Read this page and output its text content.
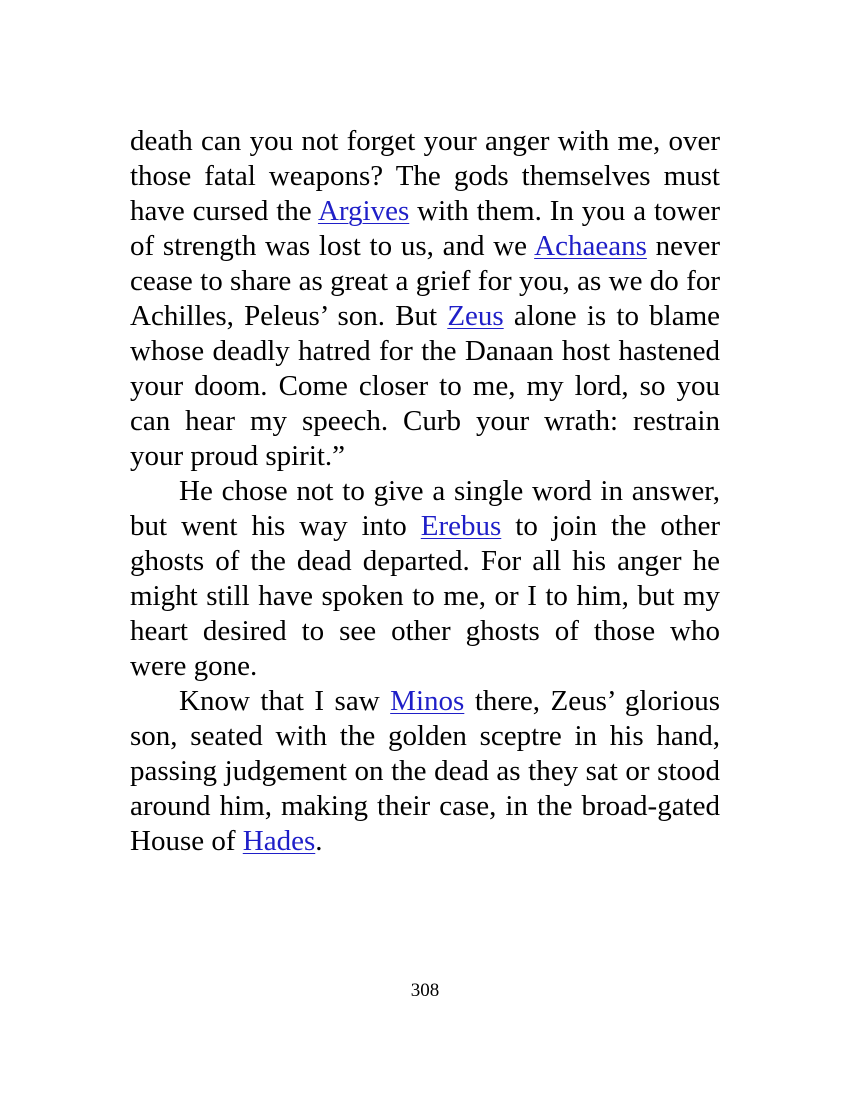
death can you not forget your anger with me, over those fatal weapons? The gods themselves must have cursed the Argives with them. In you a tower of strength was lost to us, and we Achaeans never cease to share as great a grief for you, as we do for Achilles, Peleus’ son. But Zeus alone is to blame whose deadly hatred for the Danaan host hastened your doom. Come closer to me, my lord, so you can hear my speech. Curb your wrath: restrain your proud spirit.”

He chose not to give a single word in answer, but went his way into Erebus to join the other ghosts of the dead departed. For all his anger he might still have spoken to me, or I to him, but my heart desired to see other ghosts of those who were gone.

Know that I saw Minos there, Zeus’ glorious son, seated with the golden sceptre in his hand, passing judgement on the dead as they sat or stood around him, making their case, in the broad-gated House of Hades.

308
